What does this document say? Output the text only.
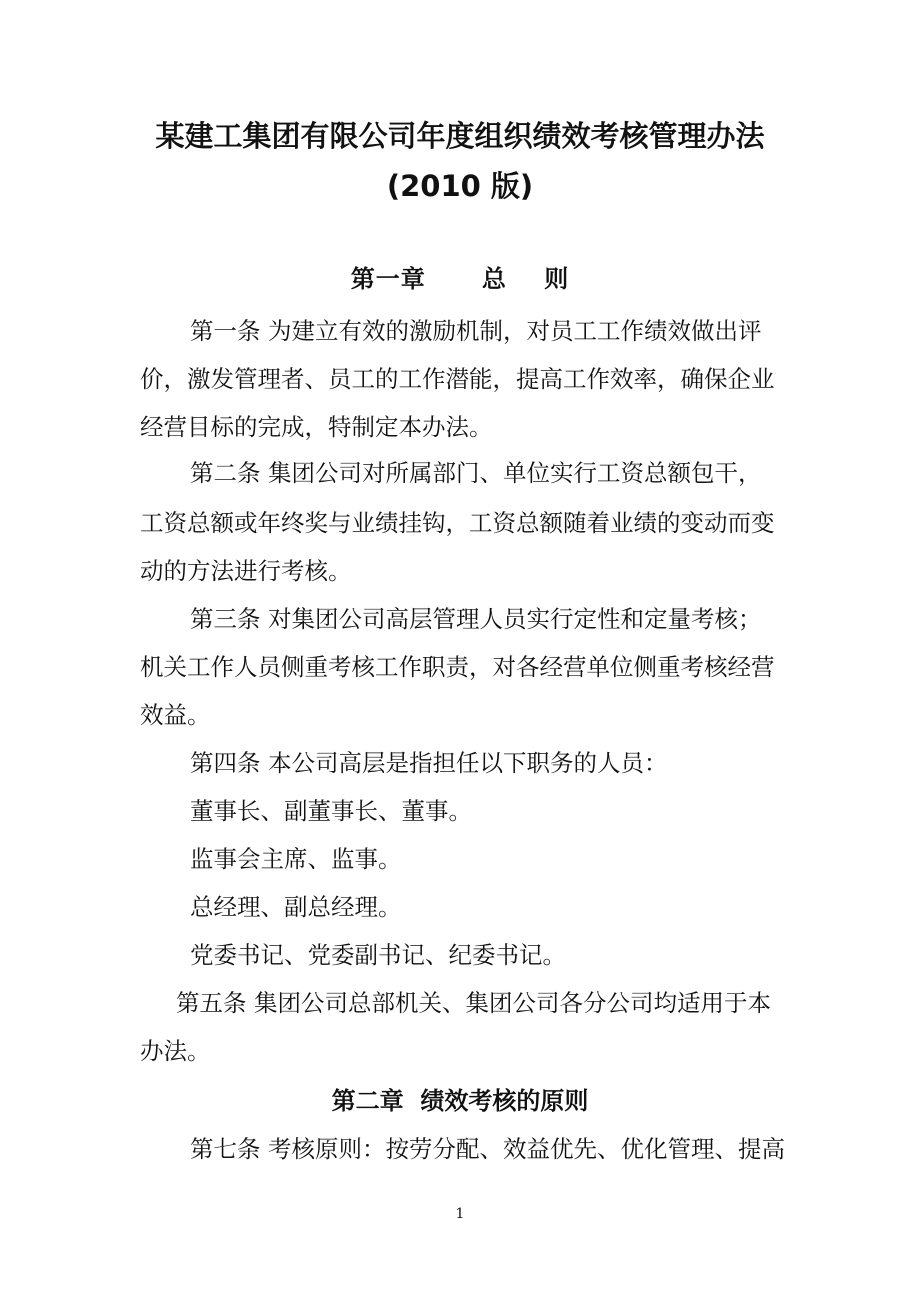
某建工集团有限公司年度组织绩效考核管理办法
(2010 版)
第一章      总    则
第一条 为建立有效的激励机制，对员工工作绩效做出评
价，激发管理者、员工的工作潜能，提高工作效率，确保企业
经营目标的完成，特制定本办法。
第二条 集团公司对所属部门、单位实行工资总额包干，
工资总额或年终奖与业绩挂钩，工资总额随着业绩的变动而变
动的方法进行考核。
第三条 对集团公司高层管理人员实行定性和定量考核；
机关工作人员侧重考核工作职责，对各经营单位侧重考核经营
效益。
第四条 本公司高层是指担任以下职务的人员：
董事长、副董事长、董事。
监事会主席、监事。
总经理、副总经理。
党委书记、党委副书记、纪委书记。
第五条 集团公司总部机关、集团公司各分公司均适用于本
办法。
第二章  绩效考核的原则
第七条 考核原则：按劳分配、效益优先、优化管理、提高
1
